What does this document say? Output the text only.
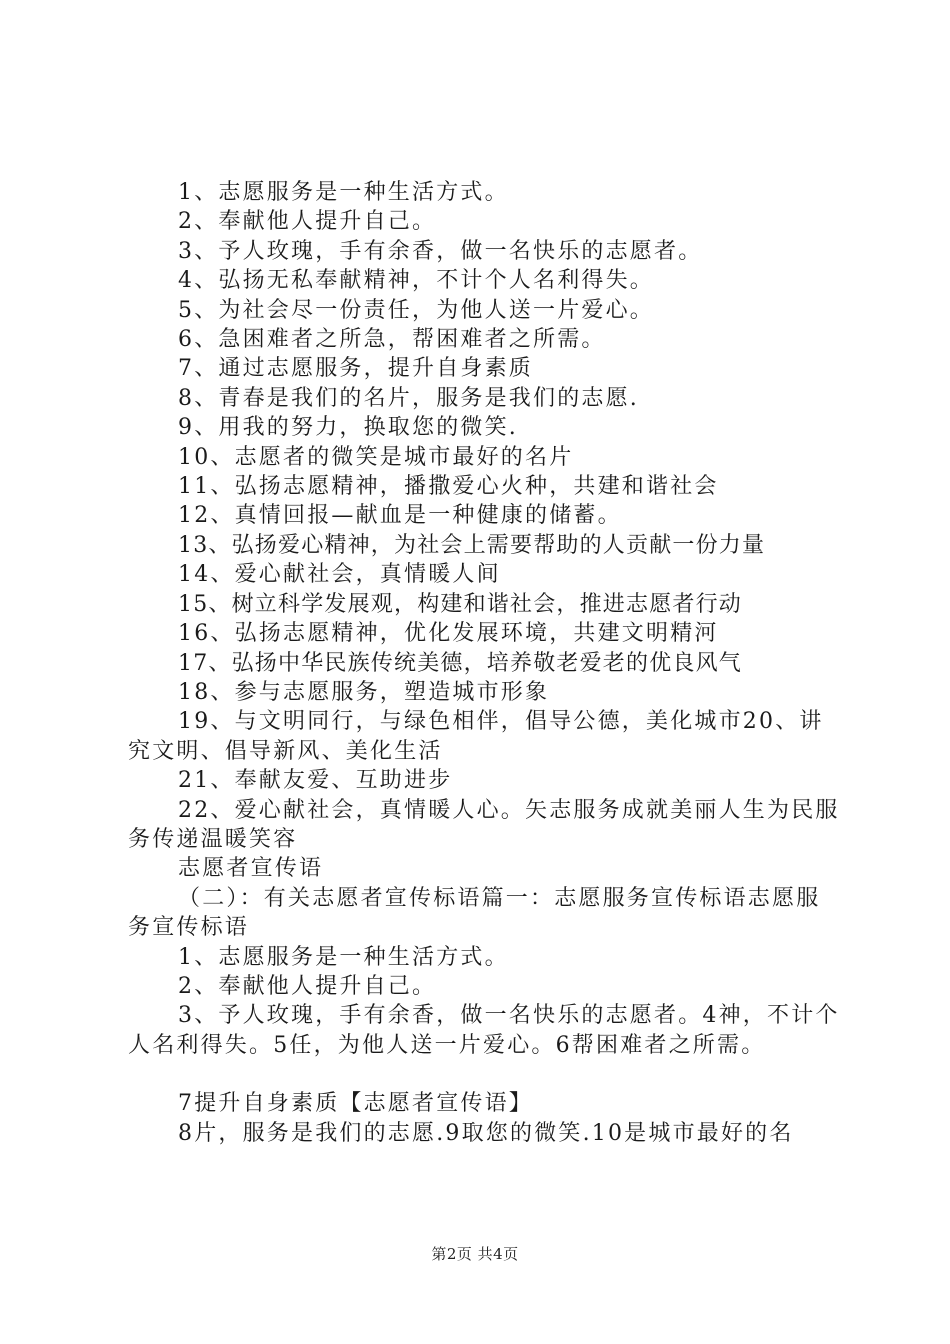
1、志愿服务是一种生活方式。

2、奉献他人提升自己。

3、予人玫瑰，手有余香，做一名快乐的志愿者。

4、弘扬无私奉献精神，不计个人名利得失。

5、为社会尽一份责任，为他人送一片爱心。

6、急困难者之所急，帮困难者之所需。

7、通过志愿服务，提升自身素质

8、青春是我们的名片，服务是我们的志愿.

9、用我的努力，换取您的微笑.

10、志愿者的微笑是城市最好的名片

11、弘扬志愿精神，播撒爱心火种，共建和谐社会

12、真情回报—献血是一种健康的储蓄。

13、弘扬爱心精神，为社会上需要帮助的人贡献一份力量

14、爱心献社会，真情暖人间

15、树立科学发展观，构建和谐社会，推进志愿者行动

16、弘扬志愿精神，优化发展环境，共建文明精河

17、弘扬中华民族传统美德，培养敬老爱老的优良风气

18、参与志愿服务，塑造城市形象

19、与文明同行，与绿色相伴，倡导公德，美化城市20、讲究文明、倡导新风、美化生活

21、奉献友爱、互助进步

22、爱心献社会，真情暖人心。矢志服务成就美丽人生为民服务传递温暖笑容

志愿者宣传语

（二）：有关志愿者宣传标语篇一：志愿服务宣传标语志愿服务宣传标语

1、志愿服务是一种生活方式。

2、奉献他人提升自己。

3、予人玫瑰，手有余香，做一名快乐的志愿者。4神，不计个人名利得失。5任，为他人送一片爱心。6帮困难者之所需。

7提升自身素质【志愿者宣传语】

8片，服务是我们的志愿.9取您的微笑.10是城市最好的名

第2页 共4页
